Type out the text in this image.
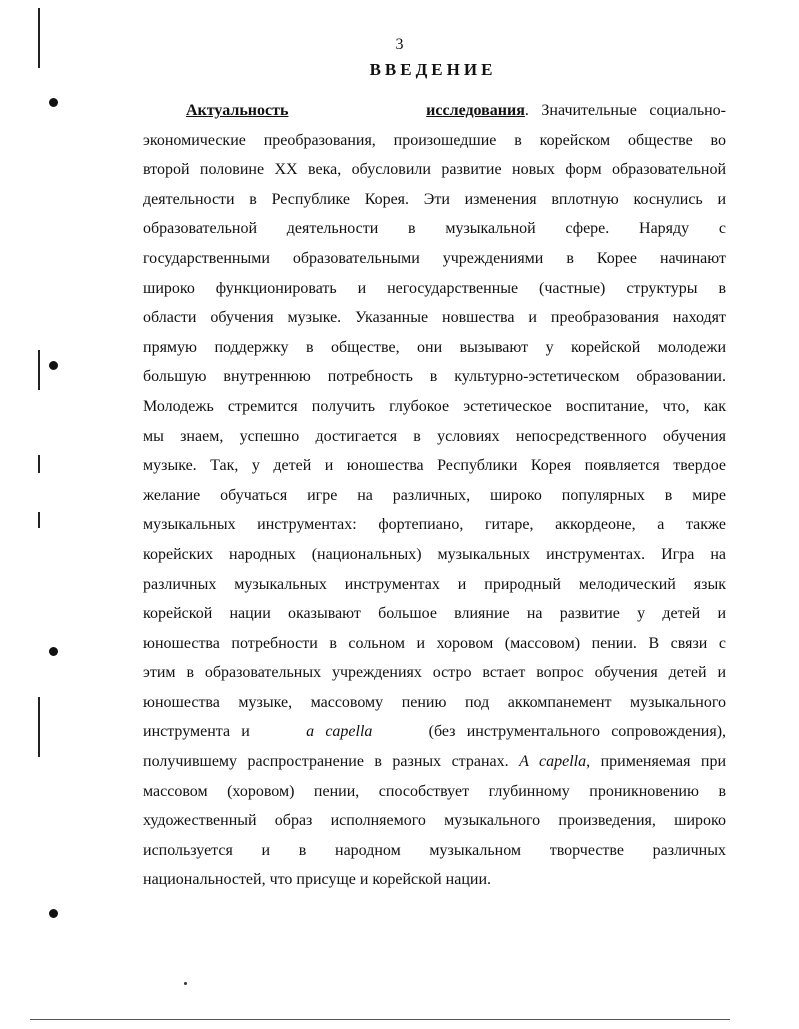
3
ВВЕДЕНИЕ
Актуальность	исследования. Значительные социально-
экономические преобразования, произошедшие в корейском обществе во
второй половине XX века, обусловили развитие новых форм образовательной
деятельности в Республике Корея. Эти изменения вплотную коснулись и
образовательной деятельности в музыкальной сфере. Наряду с
государственными образовательными учреждениями в Корее начинают
широко функционировать и негосударственные (частные) структуры в
области обучения музыке. Указанные новшества и преобразования находят
прямую поддержку в обществе, они вызывают у корейской молодежи
большую внутреннюю потребность в культурно-эстетическом образовании.
Молодежь стремится получить глубокое эстетическое воспитание, что, как
мы знаем, успешно достигается в условиях непосредственного обучения
музыке. Так, у детей и юношества Республики Корея появляется твердое
желание обучаться игре на различных, широко популярных в мире
музыкальных инструментах: фортепиано, гитаре, аккордеоне, а также
корейских народных (национальных) музыкальных инструментах. Игра на
различных музыкальных инструментах и природный мелодический язык
корейской нации оказывают большое влияние на развитие у детей и
юношества потребности в сольном и хоровом (массовом) пении. В связи с
этим в образовательных учреждениях остро встает вопрос обучения детей и
юношества музыке, массовому пению под аккомпанемент музыкального
инструмента и	a capella	(без инструментального сопровождения),
получившему распространение в разных странах. A capella, применяемая при
массовом (хоровом) пении, способствует глубинному проникновению в
художественный образ исполняемого музыкального произведения, широко
используется и в народном музыкальном творчестве различных
национальностей, что присуще и корейской нации.
